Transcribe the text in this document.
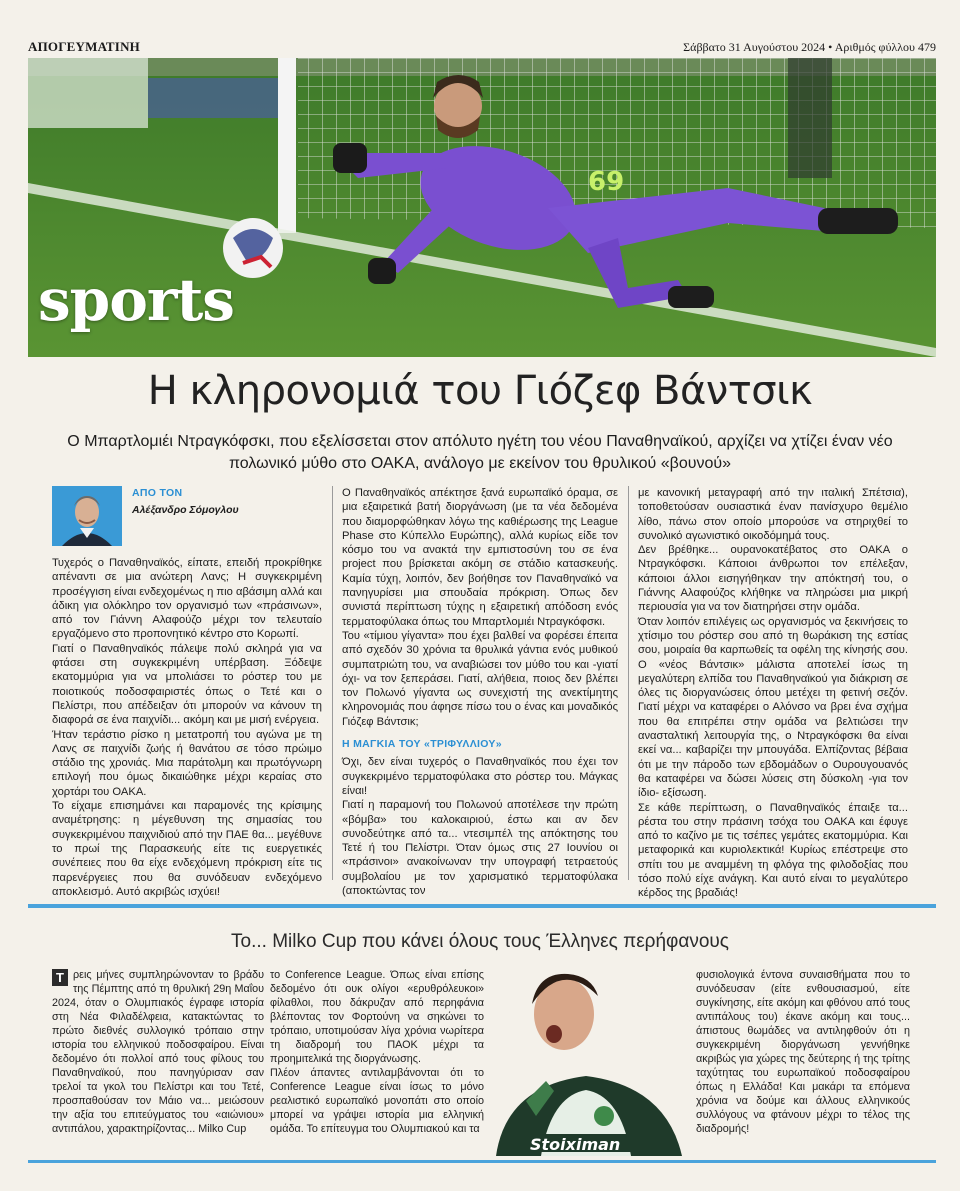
ΑΠΟΓΕΥΜΑΤΙΝΗ	Σάββατο 31 Αυγούστου 2024 • Αριθμός φύλλου 479
69
sports
Η κληρονομιά του Γιόζεφ Βάντσικ
Ο Μπαρτλομιέι Ντραγκόφσκι, που εξελίσσεται στον απόλυτο ηγέτη του νέου Παναθηναϊκού, αρχίζει να χτίζει έναν νέο πολωνικό μύθο στο ΟΑΚΑ, ανάλογο με εκείνον του θρυλικού «βουνού»
ΑΠΟ ΤΟΝ
Αλέξανδρο Σόμογλου

Τυχερός ο Παναθηναϊκός, είπατε, επειδή προκρίθηκε απέναντι σε μια ανώτερη Λανς; Η συγκεκριμένη προσέγγιση είναι ενδεχομένως η πιο αβάσιμη αλλά και άδικη για ολόκληρο τον οργανισμό των «πράσινων», από τον Γιάννη Αλαφούζο μέχρι τον τελευταίο εργαζόμενο στο προπονητικό κέντρο στο Κορωπί.

Γιατί ο Παναθηναϊκός πάλεψε πολύ σκληρά για να φτάσει στη συγκεκριμένη υπέρβαση. Ξόδεψε εκατομμύρια για να μπολιάσει το ρόστερ του με ποιοτικούς ποδοσφαιριστές όπως ο Τετέ και ο Πελίστρι, που απέδειξαν ότι μπορούν να κάνουν τη διαφορά σε ένα παιχνίδι... ακόμη και με μισή ενέργεια.

Ήταν τεράστιο ρίσκο η μετατροπή του αγώνα με τη Λανς σε παιχνίδι ζωής ή θανάτου σε τόσο πρώιμο στάδιο της χρονιάς. Μια παράτολμη και πρωτόγνωρη επιλογή που όμως δικαιώθηκε μέχρι κεραίας στο χορτάρι του ΟΑΚΑ.

Το είχαμε επισημάνει και παραμονές της κρίσιμης αναμέτρησης: η μέγεθυνση της σημασίας του συγκεκριμένου παιχνιδιού από την ΠΑΕ θα... μεγέθυνε το πρωί της Παρασκευής είτε τις ευεργετικές συνέπειες που θα είχε ενδεχόμενη πρόκριση είτε τις παρενέργειες που θα συνόδευαν ενδεχόμενο αποκλεισμό. Αυτό ακριβώς ισχύει!

Ο Παναθηναϊκός απέκτησε ξανά ευρωπαϊκό όραμα, σε μια εξαιρετικά βατή διοργάνωση (με τα νέα δεδομένα που διαμορφώθηκαν λόγω της καθιέρωσης της League Phase στο Κύπελλο Ευρώπης), αλλά κυρίως είδε τον κόσμο του να ανακτά την εμπιστοσύνη του σε ένα project που βρίσκεται ακόμη σε στάδιο κατασκευής. Καμία τύχη, λοιπόν, δεν βοήθησε τον Παναθηναϊκό να πανηγυρίσει μια σπουδαία πρόκριση. Όπως δεν συνιστά περίπτωση τύχης η εξαιρετική απόδοση ενός τερματοφύλακα όπως του Μπαρτλομιέι Ντραγκόφσκι.

Του «τίμιου γίγαντα» που έχει βαλθεί να φορέσει έπειτα από σχεδόν 30 χρόνια τα θρυλικά γάντια ενός μυθικού συμπατριώτη του, να αναβιώσει τον μύθο του και -γιατί όχι- να τον ξεπεράσει. Γιατί, αλήθεια, ποιος δεν βλέπει τον Πολωνό γίγαντα ως συνεχιστή της ανεκτίμητης κληρονομιάς που άφησε πίσω του ο ένας και μοναδικός Γιόζεφ Βάντσικ;

Η ΜΑΓΚΙΑ ΤΟΥ «ΤΡΙΦΥΛΛΙΟΥ»

Όχι, δεν είναι τυχερός ο Παναθηναϊκός που έχει τον συγκεκριμένο τερματοφύλακα στο ρόστερ του. Μάγκας είναι!

Γιατί η παραμονή του Πολωνού αποτέλεσε την πρώτη «βόμβα» του καλοκαιριού, έστω και αν δεν συνοδεύτηκε από τα... ντεσιμπέλ της απόκτησης του Τετέ ή του Πελίστρι. Όταν όμως στις 27 Ιουνίου οι «πράσινοι» ανακοίνωναν την υπογραφή τετραετούς συμβολαίου με τον χαρισματικό τερματοφύλακα (αποκτώντας τον

με κανονική μεταγραφή από την ιταλική Σπέτσια), τοποθετούσαν ουσιαστικά έναν πανίσχυρο θεμέλιο λίθο, πάνω στον οποίο μπορούσε να στηριχθεί το συνολικό αγωνιστικό οικοδόμημά τους.

Δεν βρέθηκε... ουρανοκατέβατος στο ΟΑΚΑ ο Ντραγκόφσκι. Κάποιοι άνθρωποι τον επέλεξαν, κάποιοι άλλοι εισηγήθηκαν την απόκτησή του, ο Γιάννης Αλαφούζος κλήθηκε να πληρώσει μια μικρή περιουσία για να τον διατηρήσει στην ομάδα.

Όταν λοιπόν επιλέγεις ως οργανισμός να ξεκινήσεις το χτίσιμο του ρόστερ σου από τη θωράκιση της εστίας σου, μοιραία θα καρπωθείς τα οφέλη της κίνησής σου. Ο «νέος Βάντσικ» μάλιστα αποτελεί ίσως τη μεγαλύτερη ελπίδα του Παναθηναϊκού για διάκριση σε όλες τις διοργανώσεις όπου μετέχει τη φετινή σεζόν. Γιατί μέχρι να καταφέρει ο Αλόνσο να βρει ένα σχήμα που θα επιτρέπει στην ομάδα να βελτιώσει την ανασταλτική λειτουργία της, ο Ντραγκόφσκι θα είναι εκεί να... καβαρίζει την μπουγάδα. Ελπίζοντας βέβαια ότι με την πάροδο των εβδομάδων ο Ουρουγουανός θα καταφέρει να δώσει λύσεις στη δύσκολη -για τον ίδιο- εξίσωση.

Σε κάθε περίπτωση, ο Παναθηναϊκός έπαιξε τα... ρέστα του στην πράσινη τσόχα του ΟΑΚΑ και έφυγε από το καζίνο με τις τσέπες γεμάτες εκατομμύρια. Και μεταφορικά και κυριολεκτικά! Κυρίως επέστρεψε στο σπίτι του με αναμμένη τη φλόγα της φιλοδοξίας που τόσο πολύ είχε ανάγκη. Και αυτό είναι το μεγαλύτερο κέρδος της βραδιάς!

Το... Milko Cup που κάνει όλους τους Έλληνες περήφανους
Τ ρεις μήνες συμπληρώνονταν το βράδυ της Πέμπτης από τη θρυλική 29η Μαΐου 2024, όταν ο Ολυμπιακός έγραφε ιστορία στη Νέα Φιλαδέλφεια, κατακτώντας το πρώτο διεθνές συλλογικό τρόπαιο στην ιστορία του ελληνικού ποδοσφαίρου. Είναι δεδομένο ότι πολλοί από τους φίλους του Παναθηναϊκού, που πανηγύρισαν σαν τρελοί τα γκολ του Πελίστρι και του Τετέ, προσπαθούσαν τον Μάιο να... μειώσουν την αξία του επιτεύγματος του «αιώνιου» αντιπάλου, χαρακτηρίζοντας... Milko Cup

το Conference League. Όπως είναι επίσης δεδομένο ότι ουκ ολίγοι «ερυθρόλευκοι» φίλαθλοι, που δάκρυζαν από περηφάνια βλέποντας τον Φορτούνη να σηκώνει το τρόπαιο, υποτιμούσαν λίγα χρόνια νωρίτερα τη διαδρομή του ΠΑΟΚ μέχρι τα προημιτελικά της διοργάνωσης.

Πλέον άπαντες αντιλαμβάνονται ότι το Conference League είναι ίσως το μόνο ρεαλιστικό ευρωπαϊκό μονοπάτι στο οποίο μπορεί να γράψει ιστορία μια ελληνική ομάδα. Το επίτευγμα του Ολυμπιακού και τα

Stoiximan

φυσιολογικά έντονα συναισθήματα που το συνόδευσαν (είτε ενθουσιασμού, είτε συγκίνησης, είτε ακόμη και φθόνου από τους αντιπάλους του) έκανε ακόμη και τους... άπιστους θωμάδες να αντιληφθούν ότι η συγκεκριμένη διοργάνωση γεννήθηκε ακριβώς για χώρες της δεύτερης ή της τρίτης ταχύτητας του ευρωπαϊκού ποδοσφαίρου όπως η Ελλάδα! Και μακάρι τα επόμενα χρόνια να δούμε και άλλους ελληνικούς συλλόγους να φτάνουν μέχρι το τέλος της διαδρομής!
